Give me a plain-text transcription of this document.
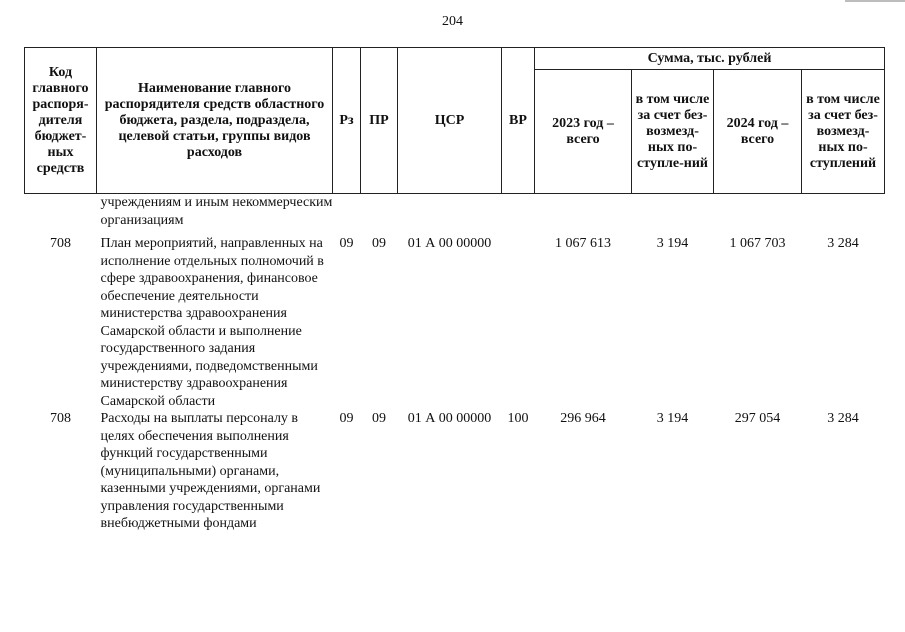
204
Код главного распоря-дителя бюджет-ных средств	Наименование главного распорядителя средств областного бюджета, раздела, подраздела, целевой статьи, группы видов расходов	Рз	ПР	ЦСР	ВР	Сумма, тыс. рублей			
						2023 год – всего	в том числе за счет без-возмезд-ных по-ступле-ний	2024 год – всего	в том числе за счет без-возмезд-ных по-ступлений
	учреждениям и иным некоммерческим организациям								

708	План мероприятий, направленных на исполнение отдельных полномочий в сфере здравоохранения, финансовое обеспечение деятельности министерства здравоохранения Самарской области и выполнение государственного задания учреждениями, подведомственными министерству здравоохранения Самарской области	09	09	01 А 00 00000		1 067 613	3 194	1 067 703	3 284
708	Расходы на выплаты персоналу в целях обеспечения выполнения функций государственными (муниципальными) органами, казенными учреждениями, органами управления государственными внебюджетными фондами	09	09	01 А 00 00000	100	296 964	3 194	297 054	3 284
